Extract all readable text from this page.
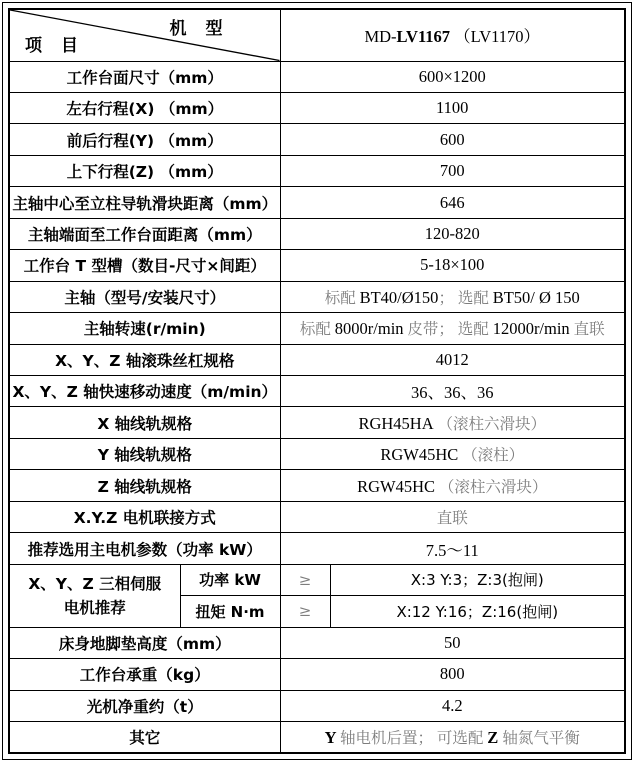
机　型
项　目		MD-LV1167 （LV1170）	
工作台面尺寸（mm）		600×1200	
左右行程(X) （mm）		1100	
前后行程(Y) （mm）		600	
上下行程(Z) （mm）		700	
主轴中心至立柱导轨滑块距离（mm）		646	
主轴端面至工作台面距离（mm）		120-820	
工作台 T 型槽（数目-尺寸×间距）		5-18×100	
主轴（型号/安装尺寸）		标配 BT40/Ø150； 选配 BT50/ Ø 150	
主轴转速(r/min)		标配 8000r/min 皮带； 选配 12000r/min 直联	
X、Y、Z 轴滚珠丝杠规格		4012	
X、Y、Z 轴快速移动速度（m/min）		36、36、36	
X 轴线轨规格		RGH45HA （滚柱六滑块）	
Y 轴线轨规格		RGW45HC （滚柱）	
Z 轴线轨规格		RGW45HC （滚柱六滑块）	
X.Y.Z 电机联接方式		直联	
推荐选用主电机参数（功率 kW）		7.5～11	

X、Y、Z 三相伺服
电机推荐	功率 kW	≥	X:3 Y:3；Z:3(抱闸)
	扭矩 N·m	≥	X:12 Y:16；Z:16(抱闸)
床身地脚垫高度（mm）		50	
工作台承重（kg）		800	
光机净重约（t）		4.2	
其它		Y 轴电机后置； 可选配 Z 轴氮气平衡	
